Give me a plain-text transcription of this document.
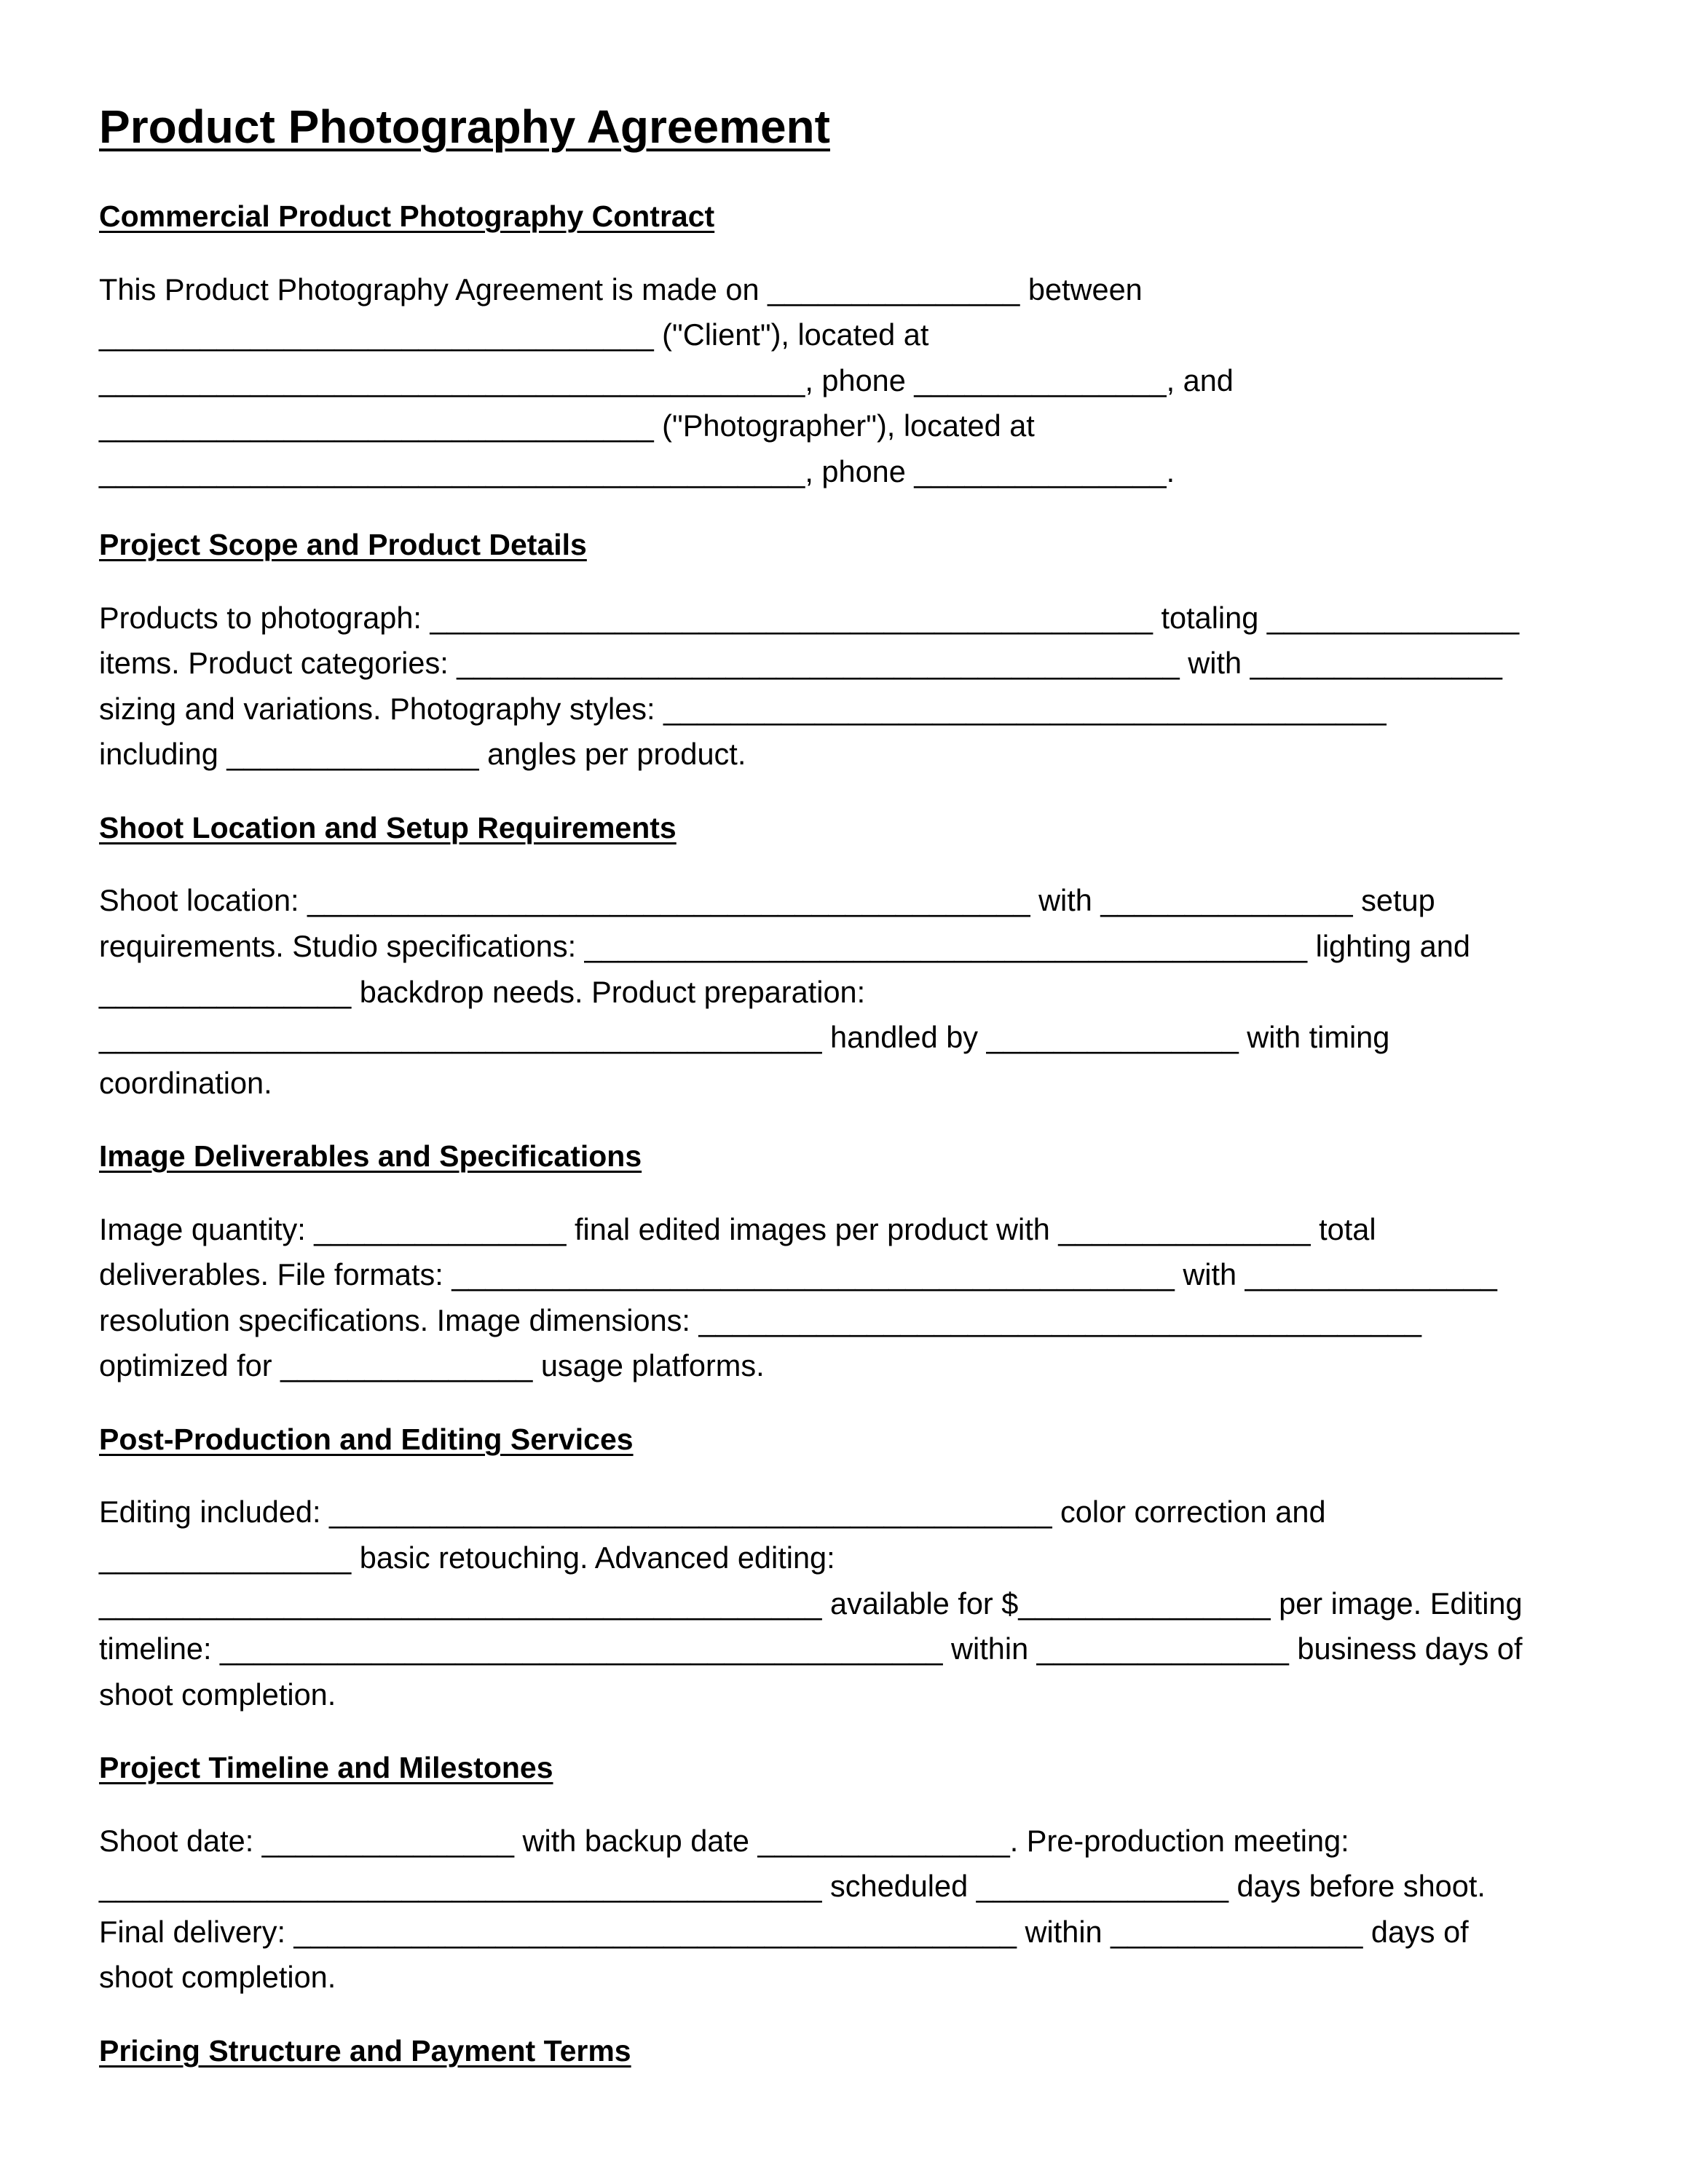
Product Photography Agreement
Commercial Product Photography Contract

This Product Photography Agreement is made on _______________ between

_________________________________ ("Client"), located at

__________________________________________, phone _______________, and

_________________________________ ("Photographer"), located at

__________________________________________, phone _______________.

Project Scope and Product Details

Products to photograph: ___________________________________________ totaling _______________

items. Product categories: ___________________________________________ with _______________

sizing and variations. Photography styles: ___________________________________________

including _______________ angles per product.

Shoot Location and Setup Requirements

Shoot location: ___________________________________________ with _______________ setup

requirements. Studio specifications: ___________________________________________ lighting and

_______________ backdrop needs. Product preparation:

___________________________________________ handled by _______________ with timing

coordination.

Image Deliverables and Specifications

Image quantity: _______________ final edited images per product with _______________ total

deliverables. File formats: ___________________________________________ with _______________

resolution specifications. Image dimensions: ___________________________________________

optimized for _______________ usage platforms.

Post-Production and Editing Services

Editing included: ___________________________________________ color correction and

_______________ basic retouching. Advanced editing:

___________________________________________ available for $_______________ per image. Editing

timeline: ___________________________________________ within _______________ business days of

shoot completion.

Project Timeline and Milestones

Shoot date: _______________ with backup date _______________. Pre-production meeting:

___________________________________________ scheduled _______________ days before shoot.

Final delivery: ___________________________________________ within _______________ days of

shoot completion.

Pricing Structure and Payment Terms
